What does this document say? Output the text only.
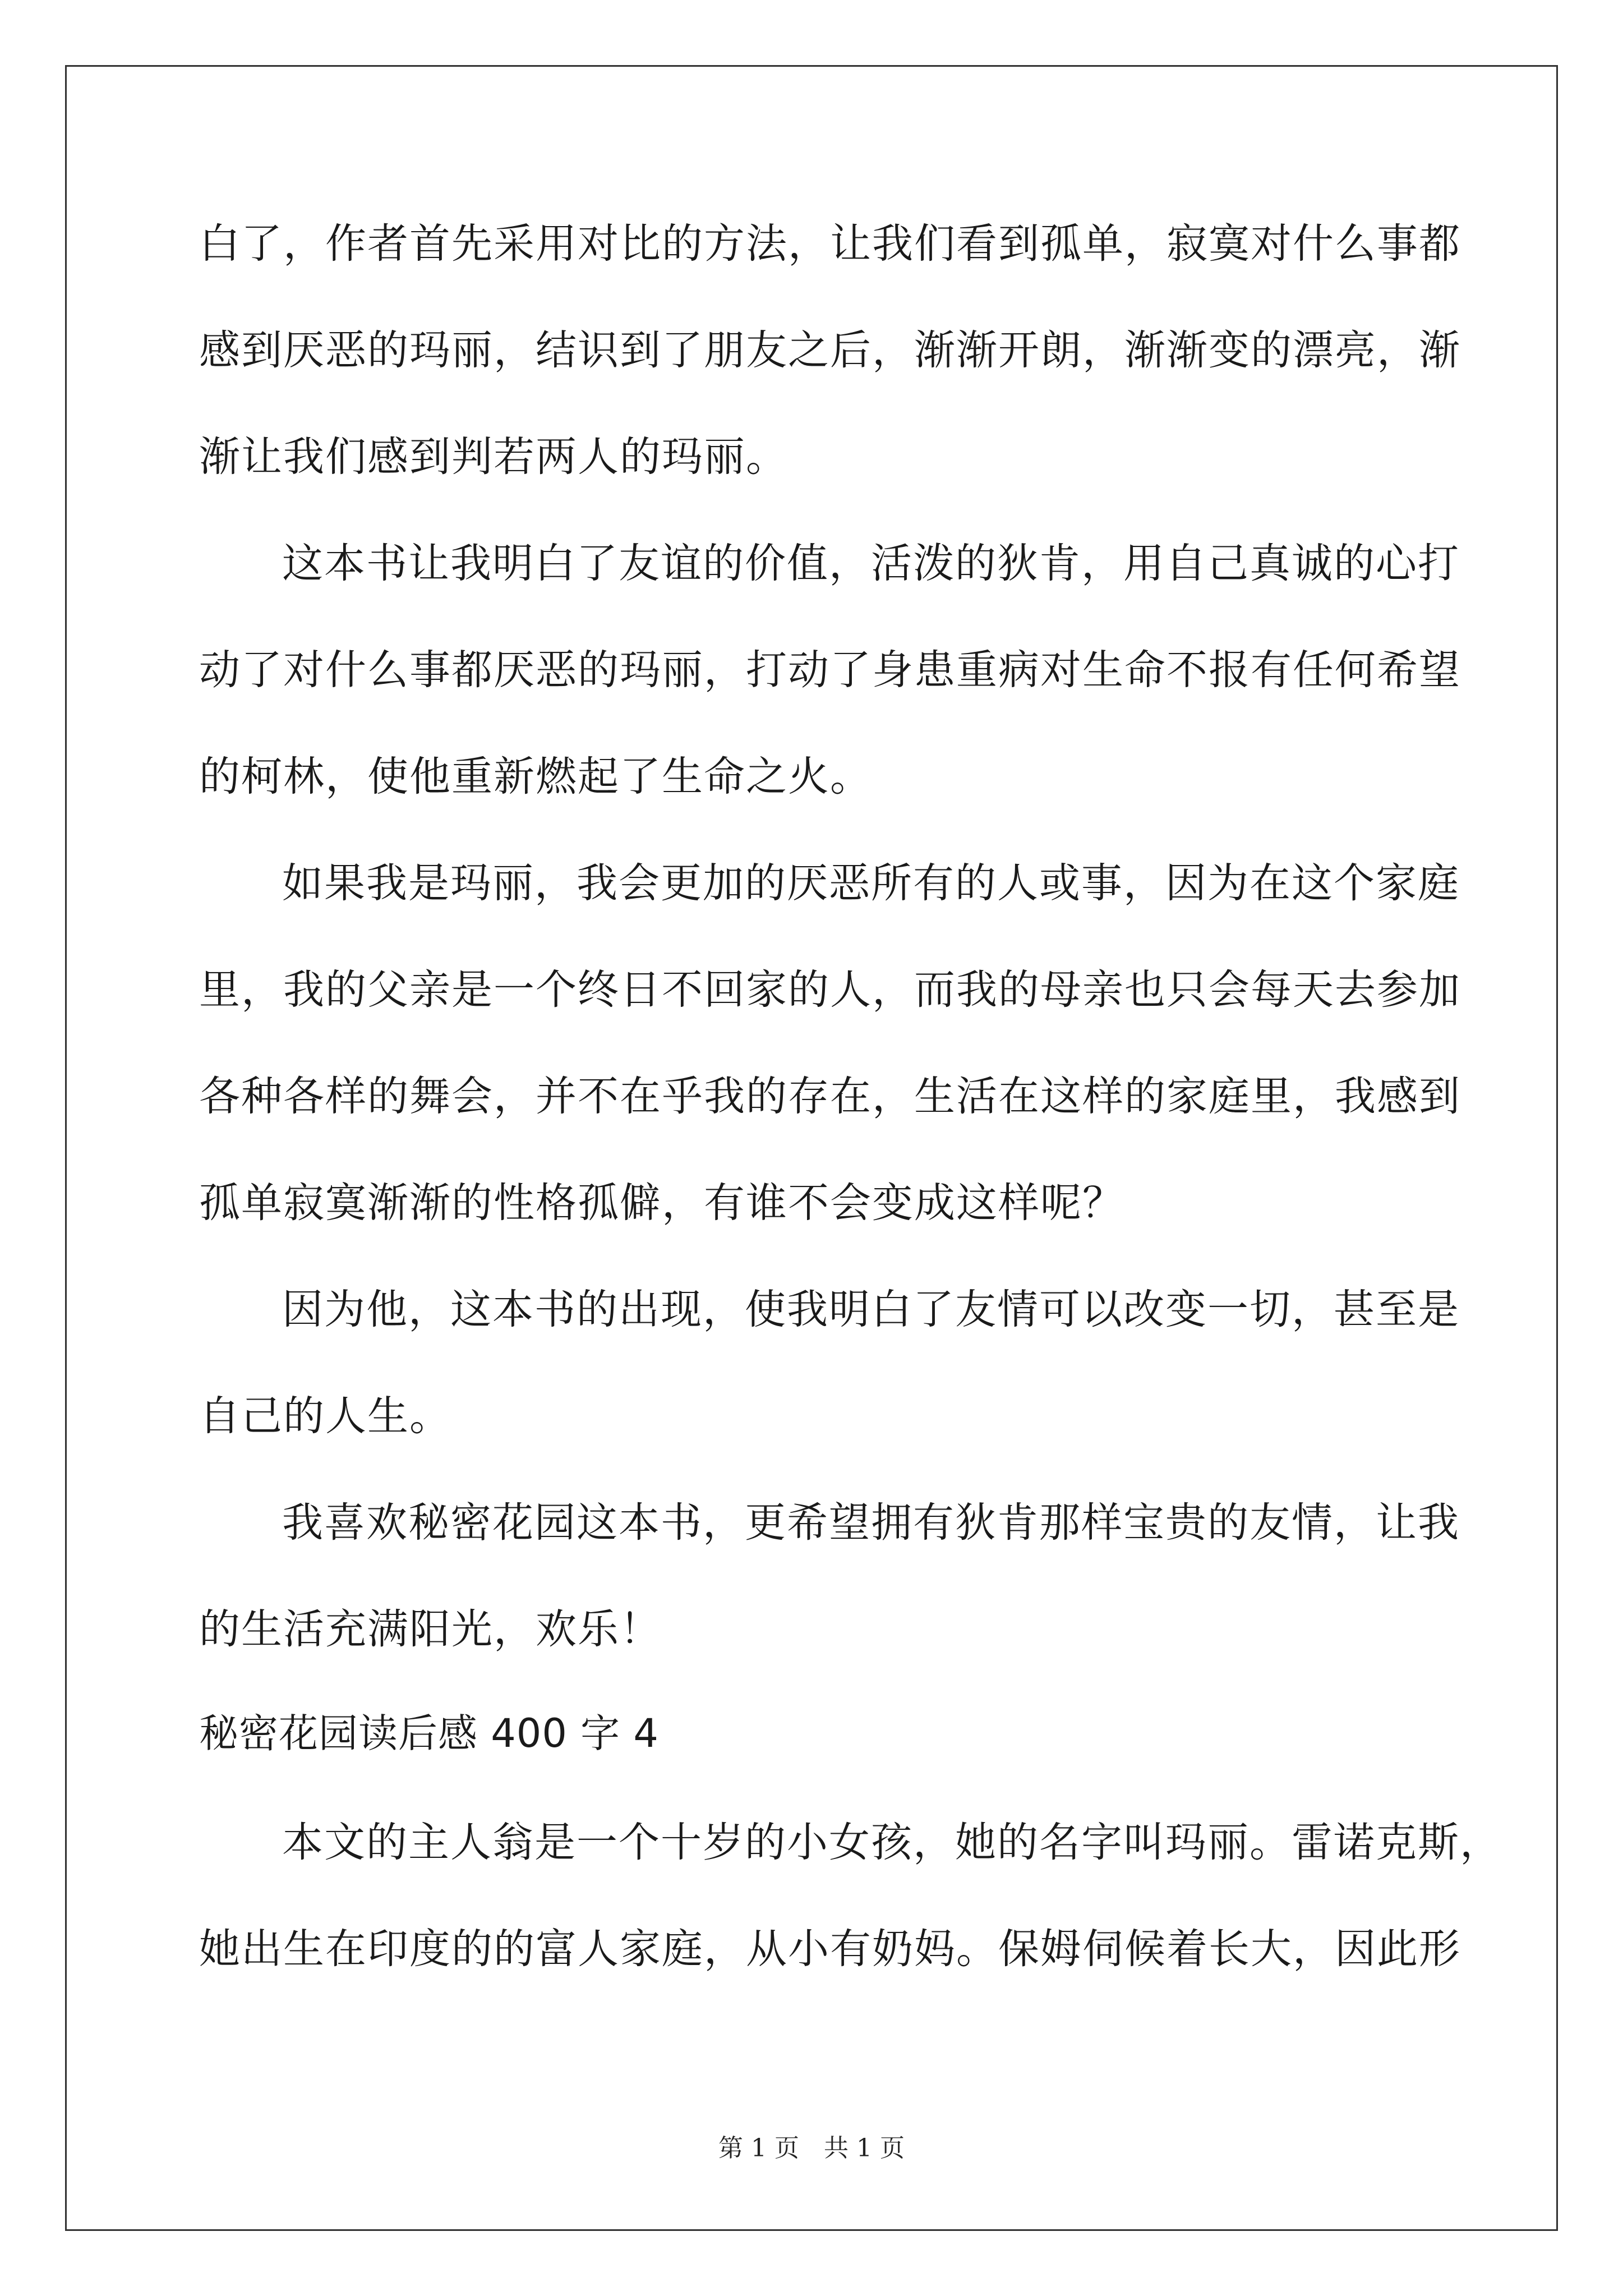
白了，作者首先采用对比的方法，让我们看到孤单，寂寞对什么事都
感到厌恶的玛丽，结识到了朋友之后，渐渐开朗，渐渐变的漂亮，渐
渐让我们感到判若两人的玛丽。
这本书让我明白了友谊的价值，活泼的狄肯，用自己真诚的心打
动了对什么事都厌恶的玛丽，打动了身患重病对生命不报有任何希望
的柯林，使他重新燃起了生命之火。
如果我是玛丽，我会更加的厌恶所有的人或事，因为在这个家庭
里，我的父亲是一个终日不回家的人，而我的母亲也只会每天去参加
各种各样的舞会，并不在乎我的存在，生活在这样的家庭里，我感到
孤单寂寞渐渐的性格孤僻，有谁不会变成这样呢？
因为他，这本书的出现，使我明白了友情可以改变一切，甚至是
自己的人生。
我喜欢秘密花园这本书，更希望拥有狄肯那样宝贵的友情，让我
的生活充满阳光，欢乐！
秘密花园读后感 400 字 4
本文的主人翁是一个十岁的小女孩，她的名字叫玛丽。雷诺克斯，
她出生在印度的的富人家庭，从小有奶妈。保姆伺候着长大，因此形
第 1 页　共 1 页
